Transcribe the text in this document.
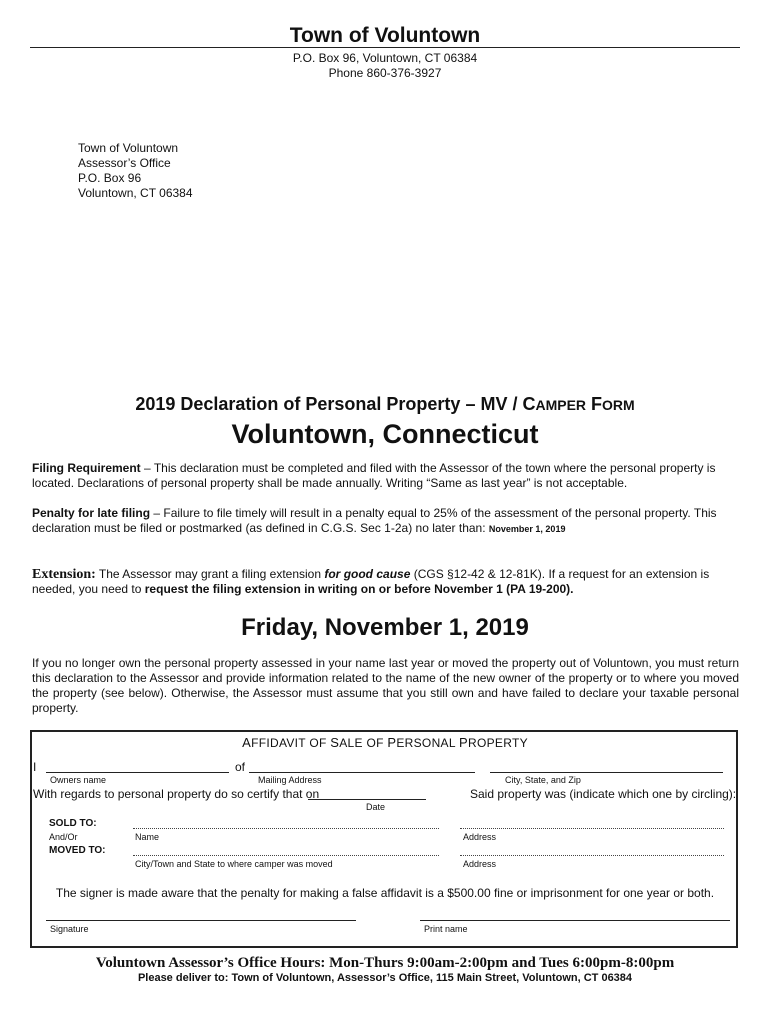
Town of Voluntown
P.O. Box 96, Voluntown, CT 06384
Phone 860-376-3927
Town of Voluntown
Assessor’s Office
P.O. Box 96
Voluntown, CT 06384
2019 Declaration of Personal Property – MV / CAMPER FORM
Voluntown, Connecticut
Filing Requirement – This declaration must be completed and filed with the Assessor of the town where the personal property is located. Declarations of personal property shall be made annually. Writing “Same as last year” is not acceptable.
Penalty for late filing – Failure to file timely will result in a penalty equal to 25% of the assessment of the personal property. This declaration must be filed or postmarked (as defined in C.G.S. Sec 1-2a) no later than: November 1, 2019
Extension: The Assessor may grant a filing extension for good cause (CGS §12-42 & 12-81K). If a request for an extension is needed, you need to request the filing extension in writing on or before November 1 (PA 19-200).
Friday, November 1, 2019
If you no longer own the personal property assessed in your name last year or moved the property out of Voluntown, you must return this declaration to the Assessor and provide information related to the name of the new owner of the property or to where you moved the property (see below). Otherwise, the Assessor must assume that you still own and have failed to declare your taxable personal property.
AFFIDAVIT OF SALE OF PERSONAL PROPERTY
I	of
Owners name	Mailing Address	City, State, and Zip
With regards to personal property do so certify that on	Said property was (indicate which one by circling):
Date
SOLD TO:
And/Or	Name	Address
MOVED TO:
City/Town and State to where camper was moved	Address
The signer is made aware that the penalty for making a false affidavit is a $500.00 fine or imprisonment for one year or both.
Signature	Print name
Voluntown Assessor’s Office Hours: Mon-Thurs 9:00am-2:00pm and Tues 6:00pm-8:00pm
Please deliver to: Town of Voluntown, Assessor’s Office, 115 Main Street, Voluntown, CT 06384
